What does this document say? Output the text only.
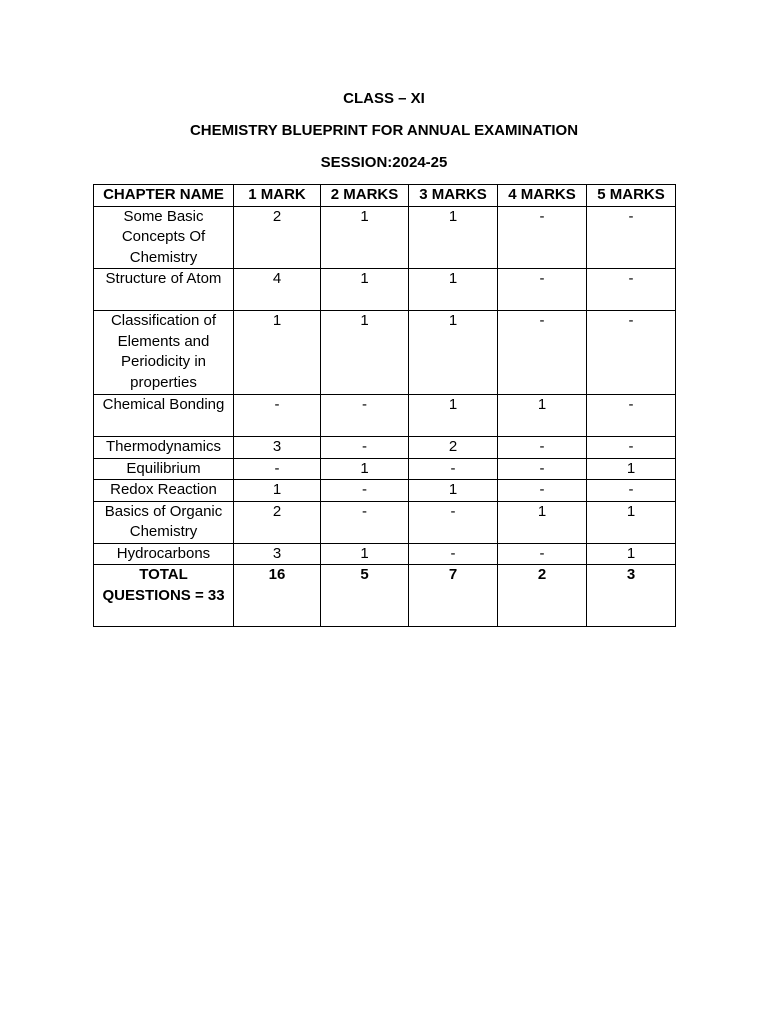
CLASS – XI
CHEMISTRY BLUEPRINT FOR ANNUAL EXAMINATION
SESSION:2024-25
CHAPTER NAME	1 MARK	2 MARKS	3 MARKS	4 MARKS	5 MARKS
Some Basic Concepts Of Chemistry	2	1	1	-	-
Structure of Atom	4	1	1	-	-
Classification of Elements and Periodicity in properties	1	1	1	-	-
Chemical Bonding	-	-	1	1	-
Thermodynamics	3	-	2	-	-
Equilibrium	-	1	-	-	1
Redox Reaction	1	-	1	-	-
Basics of Organic Chemistry	2	-	-	1	1
Hydrocarbons	3	1	-	-	1
TOTAL QUESTIONS = 33	16	5	7	2	3
